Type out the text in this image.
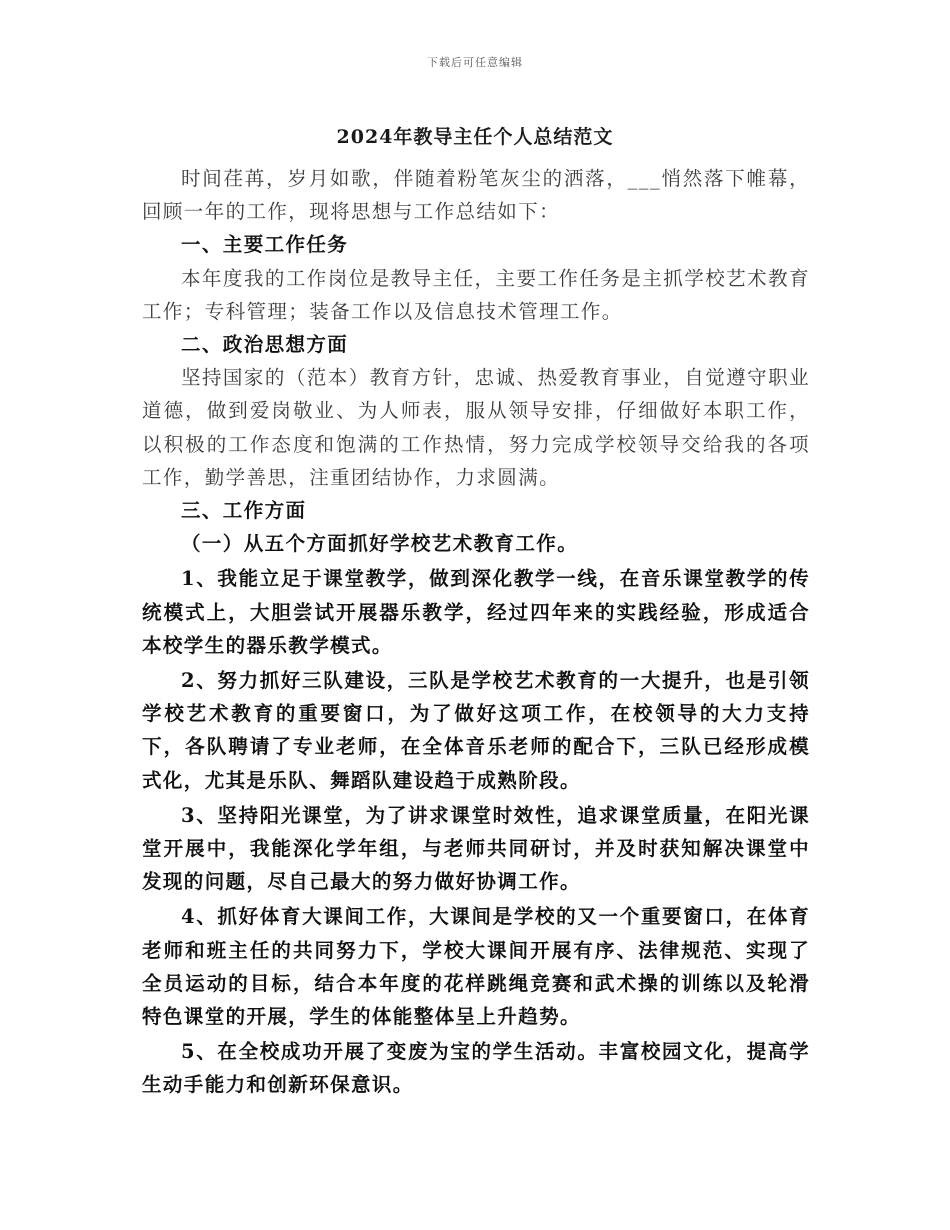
下载后可任意编辑
2024年教导主任个人总结范文

时间荏苒，岁月如歌，伴随着粉笔灰尘的洒落，___悄然落下帷幕，回顾一年的工作，现将思想与工作总结如下：

一、主要工作任务

本年度我的工作岗位是教导主任，主要工作任务是主抓学校艺术教育工作；专科管理；装备工作以及信息技术管理工作。

二、政治思想方面

坚持国家的（范本）教育方针，忠诚、热爱教育事业，自觉遵守职业道德，做到爱岗敬业、为人师表，服从领导安排，仔细做好本职工作，以积极的工作态度和饱满的工作热情，努力完成学校领导交给我的各项工作，勤学善思，注重团结协作，力求圆满。

三、工作方面

（一）从五个方面抓好学校艺术教育工作。

1、我能立足于课堂教学，做到深化教学一线，在音乐课堂教学的传统模式上，大胆尝试开展器乐教学，经过四年来的实践经验，形成适合本校学生的器乐教学模式。

2、努力抓好三队建设，三队是学校艺术教育的一大提升，也是引领学校艺术教育的重要窗口，为了做好这项工作，在校领导的大力支持下，各队聘请了专业老师，在全体音乐老师的配合下，三队已经形成模式化，尤其是乐队、舞蹈队建设趋于成熟阶段。

3、坚持阳光课堂，为了讲求课堂时效性，追求课堂质量，在阳光课堂开展中，我能深化学年组，与老师共同研讨，并及时获知解决课堂中发现的问题，尽自己最大的努力做好协调工作。

4、抓好体育大课间工作，大课间是学校的又一个重要窗口，在体育老师和班主任的共同努力下，学校大课间开展有序、法律规范、实现了全员运动的目标，结合本年度的花样跳绳竞赛和武术操的训练以及轮滑特色课堂的开展，学生的体能整体呈上升趋势。

5、在全校成功开展了变废为宝的学生活动。丰富校园文化，提高学生动手能力和创新环保意识。
